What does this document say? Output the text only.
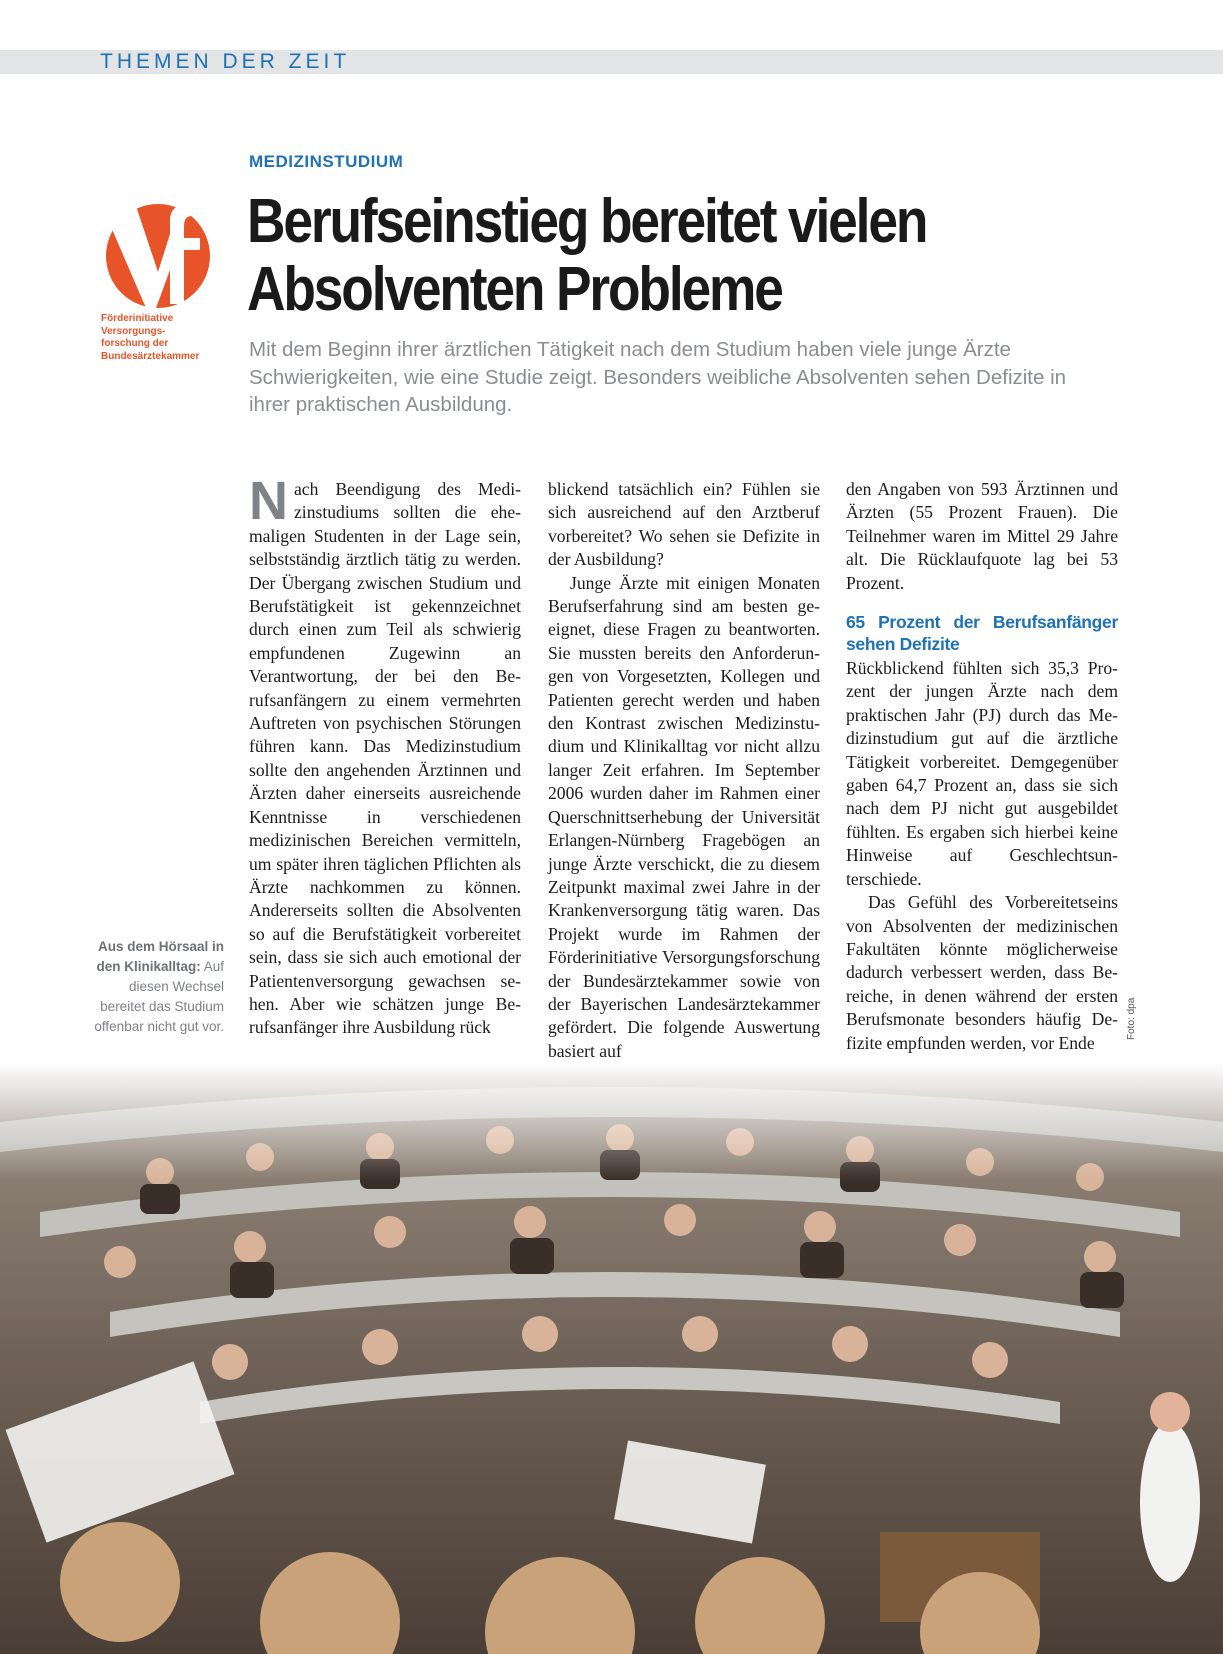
THEMEN DER ZEIT
Förderinitiative
Versorgungs-
forschung der
Bundesärztekammer
MEDIZINSTUDIUM
Berufseinstieg bereitet vielen
Absolventen Probleme

Mit dem Beginn ihrer ärztlichen Tätigkeit nach dem Studium haben viele junge Ärzte Schwierigkeiten, wie eine Studie zeigt. Besonders weibliche Absolventen sehen Defizite in ihrer praktischen Ausbildung.

Nach Beendigung des Medizinstudiums sollten die ehemaligen Studenten in der Lage sein, selbstständig ärztlich tätig zu werden. Der Übergang zwischen Studium und Berufstätigkeit ist gekennzeichnet durch einen zum Teil als schwierig empfundenen Zugewinn an Verantwortung, der bei den Berufsanfängern zu einem vermehrten Auftreten von psychischen Störungen führen kann. Das Medizinstudium sollte den angehenden Ärztinnen und Ärzten daher einerseits ausreichende Kenntnisse in verschiedenen medizinischen Bereichen vermitteln, um später ihren täglichen Pflichten als Ärzte nachkommen zu können. Andererseits sollten die Absolventen so auf die Berufstätigkeit vorbereitet sein, dass sie sich auch emotional der Patientenversorgung gewachsen sehen. Aber wie schätzen junge Berufsanfänger ihre Ausbildung rück

blickend tatsächlich ein? Fühlen sie sich ausreichend auf den Arztberuf vorbereitet? Wo sehen sie Defizite in der Ausbildung?

Junge Ärzte mit einigen Monaten Berufserfahrung sind am besten geeignet, diese Fragen zu beantworten. Sie mussten bereits den Anforderungen von Vorgesetzten, Kollegen und Patienten gerecht werden und haben den Kontrast zwischen Medizinstudium und Klinikalltag vor nicht allzu langer Zeit erfahren. Im September 2006 wurden daher im Rahmen einer Querschnittserhebung der Universität Erlangen-Nürnberg Fragebögen an junge Ärzte verschickt, die zu diesem Zeitpunkt maximal zwei Jahre in der Krankenversorgung tätig waren. Das Projekt wurde im Rahmen der Förderinitiative Versorgungsforschung der Bundesärztekammer sowie von der Bayerischen Landesärztekammer gefördert. Die folgende Auswertung basiert auf

den Angaben von 593 Ärztinnen und Ärzten (55 Prozent Frauen). Die Teilnehmer waren im Mittel 29 Jahre alt. Die Rücklaufquote lag bei 53 Prozent.

65 Prozent der Berufsanfänger sehen Defizite

Rückblickend fühlten sich 35,3 Prozent der jungen Ärzte nach dem praktischen Jahr (PJ) durch das Medizinstudium gut auf die ärztliche Tätigkeit vorbereitet. Demgegenüber gaben 64,7 Prozent an, dass sie sich nach dem PJ nicht gut ausgebildet fühlten. Es ergaben sich hierbei keine Hinweise auf Geschlechtsunterschiede.

Das Gefühl des Vorbereitetseins von Absolventen der medizinischen Fakultäten könnte möglicherweise dadurch verbessert werden, dass Bereiche, in denen während der ersten Berufsmonate besonders häufig Defizite empfunden werden, vor Ende

Aus dem Hörsaal in den Klinikalltag: Auf diesen Wechsel bereitet das Studium offenbar nicht gut vor.	Foto: dpa
